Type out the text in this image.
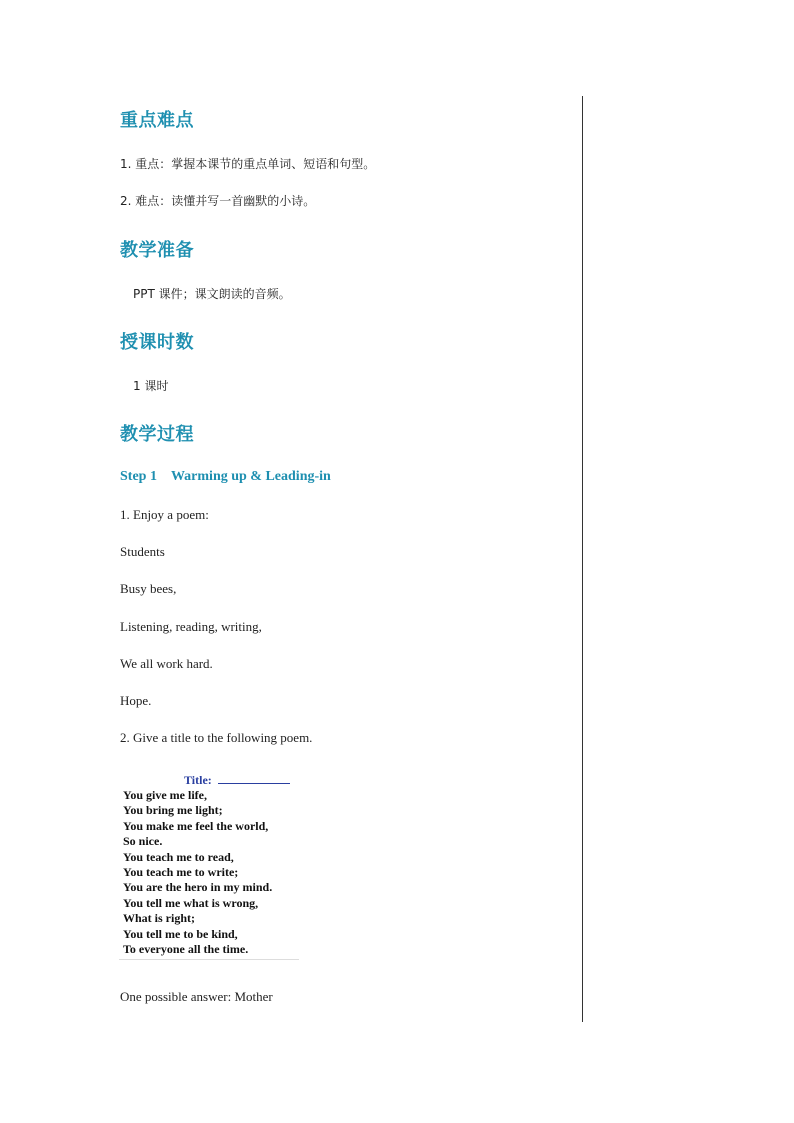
重点难点
1. 重点：掌握本课节的重点单词、短语和句型。
2. 难点：读懂并写一首幽默的小诗。
教学准备
PPT 课件；课文朗读的音频。
授课时数
1 课时
教学过程
Step 1 Warming up & Leading-in
1. Enjoy a poem:
Students
Busy bees,
Listening, reading, writing,
We all work hard.
Hope.
2. Give a title to the following poem.
Title:
You give me life,
You bring me light;
You make me feel the world,
So nice.
You teach me to read,
You teach me to write;
You are the hero in my mind.
You tell me what is wrong,
What is right;
You tell me to be kind,
To everyone all the time.
One possible answer: Mother
